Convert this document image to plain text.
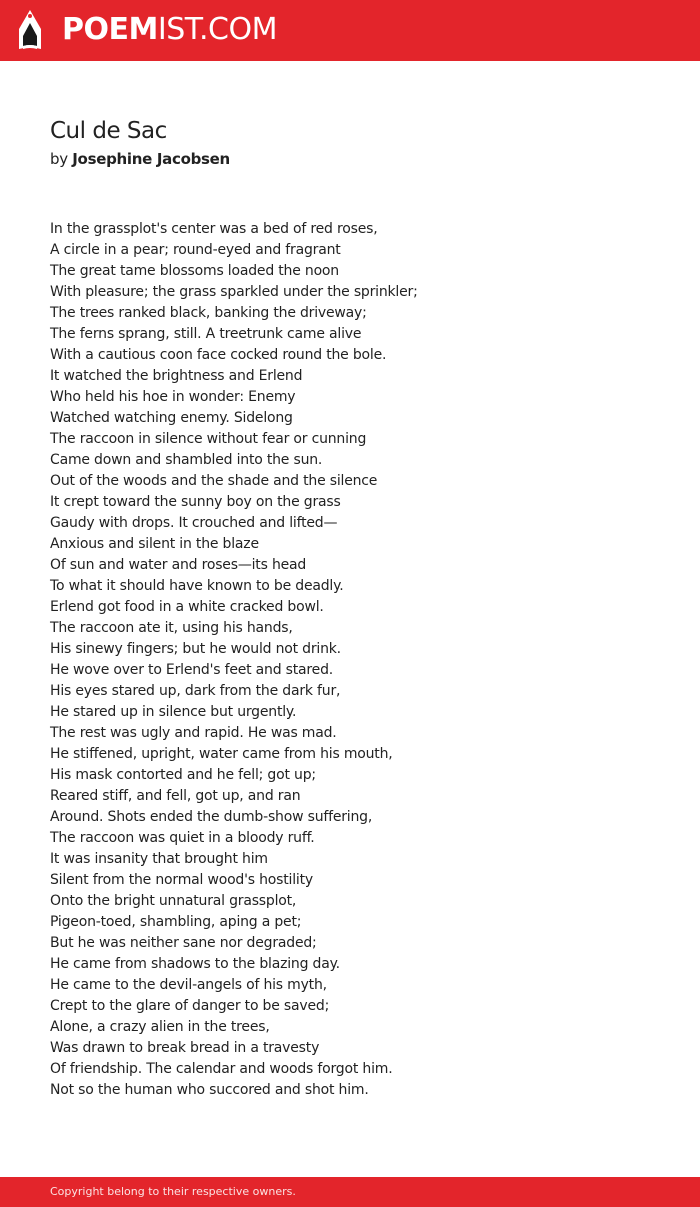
POEMIST.COM
Cul de Sac
by Josephine Jacobsen
In the grassplot's center was a bed of red roses,
A circle in a pear; round-eyed and fragrant
The great tame blossoms loaded the noon
With pleasure; the grass sparkled under the sprinkler;
The trees ranked black, banking the driveway;
The ferns sprang, still. A treetrunk came alive
With a cautious coon face cocked round the bole.
It watched the brightness and Erlend
Who held his hoe in wonder: Enemy
Watched watching enemy. Sidelong
The raccoon in silence without fear or cunning
Came down and shambled into the sun.
Out of the woods and the shade and the silence
It crept toward the sunny boy on the grass
Gaudy with drops. It crouched and lifted—
Anxious and silent in the blaze
Of sun and water and roses—its head
To what it should have known to be deadly.
Erlend got food in a white cracked bowl.
The raccoon ate it, using his hands,
His sinewy fingers; but he would not drink.
He wove over to Erlend's feet and stared.
His eyes stared up, dark from the dark fur,
He stared up in silence but urgently.
The rest was ugly and rapid. He was mad.
He stiffened, upright, water came from his mouth,
His mask contorted and he fell; got up;
Reared stiff, and fell, got up, and ran
Around. Shots ended the dumb-show suffering,
The raccoon was quiet in a bloody ruff.
It was insanity that brought him
Silent from the normal wood's hostility
Onto the bright unnatural grassplot,
Pigeon-toed, shambling, aping a pet;
But he was neither sane nor degraded;
He came from shadows to the blazing day.
He came to the devil-angels of his myth,
Crept to the glare of danger to be saved;
Alone, a crazy alien in the trees,
Was drawn to break bread in a travesty
Of friendship. The calendar and woods forgot him.
Not so the human who succored and shot him.
Copyright belong to their respective owners.
